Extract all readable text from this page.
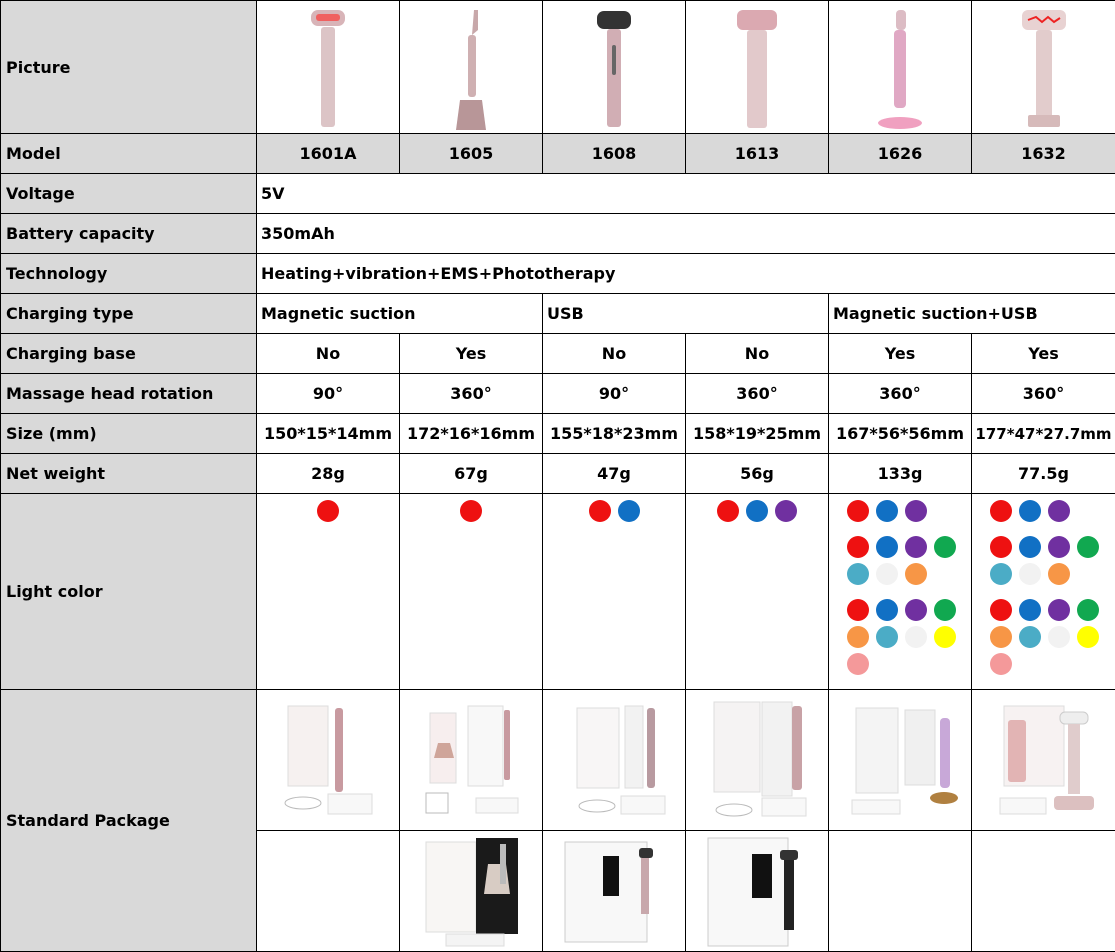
Picture	

Model	1601A	1605	1608	1613	1626	1632
Voltage	5V					
Battery capacity	350mAh					
Technology	Heating+vibration+EMS+Phototherapy					
Charging type	Magnetic suction		USB		Magnetic suction+USB	
Charging base	No	Yes	No	No	Yes	Yes
Massage head rotation	90°	360°	90°	360°	360°	360°
Size (mm)	150*15*14mm	172*16*16mm	155*18*23mm	158*19*25mm	167*56*56mm	177*47*27.7mm
Net weight	28g	67g	47g	56g	133g	77.5g
Light color	

Standard Package	
